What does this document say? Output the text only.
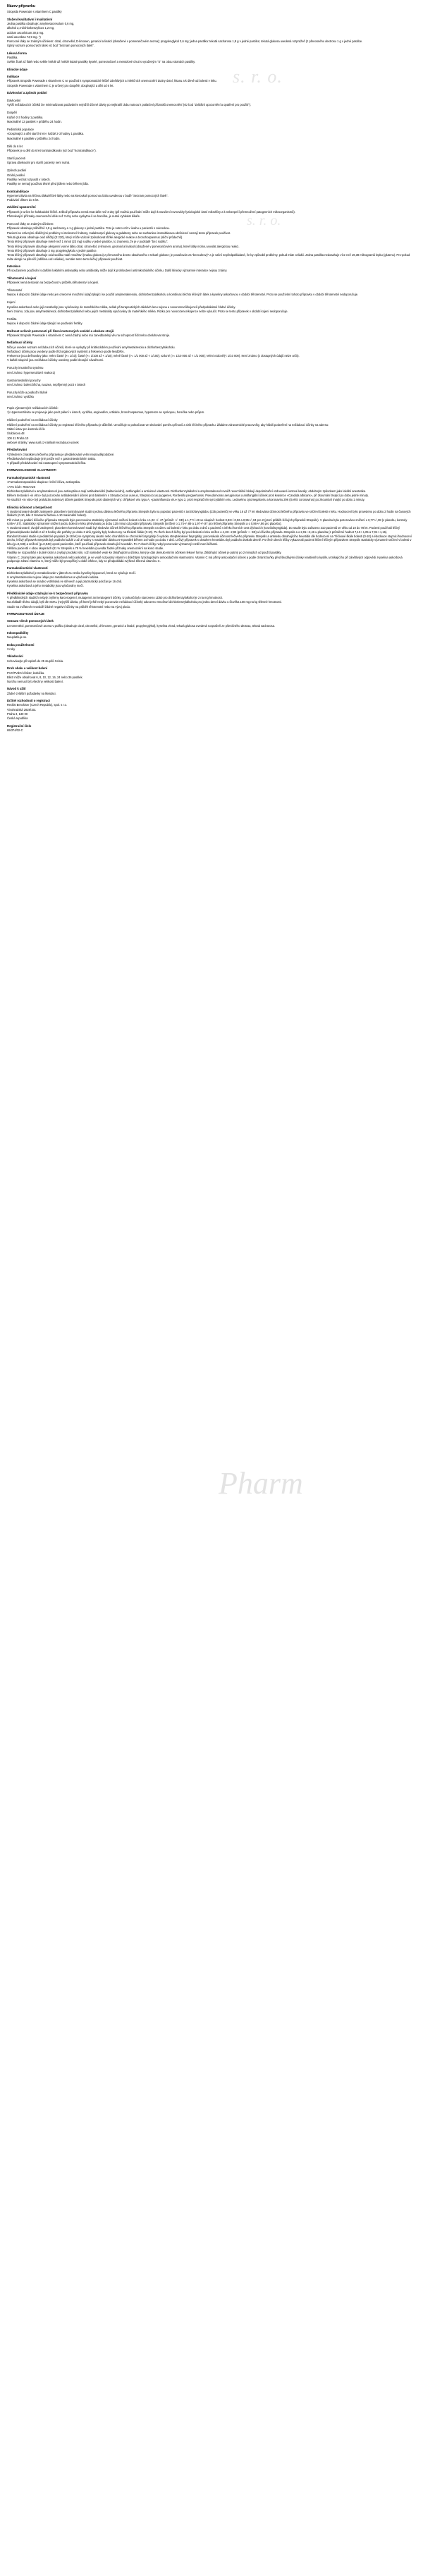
s. r. o.
s. r. o.
Pharm
Název přípravku

Stropsila Powerade s vitamínem C pastilky

Složení kvalitativní i kvalitativní

Jedna pastilka obsahuje: amylmetacresolum 0,6 mg,

alkohol 2,4-dichlorbenzylicus 1,2 mg,

acidum ascorbicum 30,5 mg.

natrii ascorbas 74,9 mg. *)

Pomocné látky se známým účinkem: citral, citronellol, D-limonen, geraniol a linalol (obsažené v pomerančovém aroma); propylenglykol 3,6 mg; jedna pastilka: tekutá sacharosa 1,8 g v jedné pastilce; tekutá glukosa uvedená rozpražeň (z přenosného dextrosu 1 g v jedné pastilce.

Úplný seznam pomocných látek viz bod "Seznam pomocných látek".

Léková forma

Pastilka.

Světle žluté až fialé nebo světle hnědé až hnědé kulaté pastilky kyselé, pomerančové a mentolové chuti s vyraženým "S" na obou stranách pastilky.

Klinické údaje
Indikace

Přípravek Stropsils Powerade s vitamínem C se používá k symptomatické léčbě zánětlivých a infekčních onemocnění dutiny ústní, hltanu a k úlevě od bolesti v krku.

Stropsils Powerade s vitamínem C je určený pro dospělé, dospívající a děti od 6 let.

Dávkování a způsob podání

Dávkování

Vyšší nežádoucích účinků lze minimalizovat podáváním nejnižší účinné dávky po nejkratší dobu nutnou k potlačení příznaků onemocnění (viz bod "Zvláštní upozornění a opatření pro použití").

Dospělí

Každé 2-3 hodiny 1 pastilka.

Maximálně 12 pastilek v průběhu 24 hodin.

Pediatrická populace

«Dospívající a děti starší 6 let»: každé 2-3 hodiny 1 pastilka.

Maximálně 6 pastilek v průběhu 24 hodin.

Děti do 6 let

Přípravek je u dětí do 6 let kontraindikován (viz bod "Kontraindikace").

Starší pacienti

Úprava dávkování pro starší pacienty není nutná.

Způsob podání

Orální podání.

Pastilky nechat rozpustit v ústech.

Pastilky se nemají používat těsně před jídlem nebo během jídla.

Kontraindikace

Hypersenzitivita na léčivou látku/léčivé látky nebo na kteroukoli pomocnou látku uvedenou v bodě "Seznam pomocných látek".

Podávání dětem do 6 let.

Zvláštní upozornění

Přípravek je určen ke krátkodobé léčbě. Jelikož přípravku nemá trvat déle než 3 dny (při možná používání může dojít k narušení rovnováhy fyziologické ústní mikroflóry a k nebezpečí přemnožení patogenních mikroorganismů).

Přetrvávající příznaky onemocnění déle než 3 dny nebo vyskytne-li se horečka, je nutné vyhledat lékaře.

Pomocné látky se známým účinkem:

Přípravek obsahuje průběžně 1,8 g sacharosy a 1 g glukosy v jedné pastilce. Toto je nutno vzít v úvahu u pacientů s cukrovkou.

Pacienti se vzácnými dědičnými problémy s intolerancí fruktosy, malabsorpcí glukosy a galaktosy nebo se sacharáso-izomaltásovou deficiencí nemají tento přípravek používat.

Tekutá glukosa obsahuje oxid siřičitý (E 220), který může vzácně způsobovat těžké alergické reakce a bronchospasmus (sliční průduchů).

Tento léčivý přípravek obsahuje méně než 1 mmol (23 mg) sodíku v jedné pastilce, to znamená, že je v podstatě "bez sodíku".

Tento léčivý přípravek obsahuje alergenní vonné látky citral, citronellol, d-limonen, geraniol a linalool (obsažené v pomerančovém aroma), které látky mohou vyvolat alergickou reakci.

Tento léčivý přípravek obsahuje 3 mg propylenglykolu v jedné pastilce.

Tento léčivý přípravek obsahuje oxid sodíku malé množství (malou glukosu) z přenosného dextro obsahového v tekuté glukose; je považován za "bezcukrový" a je vašní nepředpokládané, že by způsobil problémy, pokud máte celiakii. Jedna pastilka nedosahuje více než 19,38 mikrogramů lepku (glutenu). Pro-pokud máte alergii na pšeničí (odlišnou od celiakie), nemáte tento tento léčivý přípravek používat.

Interakce

Při současném používání s dalšími lokálními antiseptiky nebo antibiotiky může dojít k prohloubení antimikrobiálního účinku. Další klinicky významné interakce nejsou známy.

Těhotenství a kojení

Přípravek nemá testován na bezpečnost v průběhu těhotenství a kojení.

Těhotenství

Nejsou k dispozici žádné údaje nebo jen omezené množství údajů týkající se použití amylmetakresolu, dichlorbenzylalkoholu a kombinaci těchto léčivých látek a kyseliny askorbovou v období těhotenství. Proto se používání tohoto přípravku v období těhotenství nedoporučuje.

Kojení

Kyselina askorbová nebo její metabolity jsou vylučovány do mateřského mléka, avšak při terapeutických dávkách lenu nejsou u novorozenců/kojenců předpokládané žádné účinky.

Není známo, zda jsou amylmetakresol, dichlorbenzylalkohol nebo jejich metabolity vylučovány do mateřského mléka. Riziko pro novorozence/kojence nelze vyloučit. Proto se tento přípravek v období kojení nedoporučuje.

Fertilita

Nejsou k dispozici žádné údaje týkající se podávání fertility.

Možnost ovlivnit pozornosti při řízení motorových vozidel a obsluze strojů

Přípravek Stropsils Powerade s vitamínem C nemá žádný nebo má zanedbatelný vliv na schopnost řídit nebo obsluhovat stroje.

Nežádoucí účinky

Níže je uveden seznam nežádoucích účinků, které se vyskytly při krátkodobém používání amylmetakresolu a dichlorbenzylalkoholu.

Nežádoucí účinky jsou uvedeny podle tříd orgánových systémů a frekvence podle MedDRA.

Frekvence jsou definovány jako: Velmi časté (>= 1/10); časté (>= 1/100 až < 1/10); méně časté (>= 1/1 000 až < 1/100); vzácné (>= 1/10 000 až < 1/1 000); Velmi vzácné/(< 1/10 000). Není známo (z dostupných údajů nelze určit).

V každé skupině jsou nežádoucí účinky uvedeny podle klesající závažnosti.

Poruchy imunitního systému

není známo: hypersenzitivní reakce1)

Gastrointestinální poruchy

není známo: bolest břicha, nauzea, nepříjemný pocit v ústech

Poruchy kůže a podkožní tkáně

není známo: vyrážka

Popis významných nežádoucích účinků:

1) Hypersenzitivita se projevuje jako pocit pálení v ústech, vyrážka, angioedém, urtikárie, bronchospasmus, hypotenze se synkopou, horečka nebo průjem.

Hlášení podezření na nežádoucí účinky

Hlášení podezření na nežádoucí účinky po registraci léčivého přípravku je důležité. Umožňuje to pokračovat ve sledování poměru přínosů a rizik léčivého přípravku. Žádáme zdravotnické pracovníky, aby hlásili podezření na nežádoucí účinky na adresu:

Státní ústav pro kontrolu léčiv

Šrobárova 48

100 41 Praha 10

webové stránky: www.sukl.cz-nahlasit-nezadouci-ucinek

Předávkování

Vzhledem k charakteru léčivého přípravku je předávkování velmi nepravděpodobné.

Předávkování nepůsobuje jiné potíže než v gastrointestinálním traktu.

V případě předávkování má nastoupení symptomatická léčba.

FARMAKOLOGICKÉ VLASTNOSTI
Farmakodynamické vlastnosti

«Farmakoterapeutická skupina»: krční léčiva, antiseptika.

«ATC kód»: R02AA20

Dichlorbenzylalkohol a amylmetakresol jsou antiseptika a mají antibakteriální (bakteriocidní), antifungální a antivirové vlastnosti. Dichlorbenzylalkohol a amylmetakresol rovněž reverzibilně blokují depolarizační vzdouvané iontové kanály; obdobným způsobem jako lokální anestetika.

Během testování «in vitro» byl pozorován antibakteriální účinek proti bakteriím s Streptococcus aureus, Streptococcus pyogenes, Rordesilla pergaertussis. Pseudomonas aeruginosas a antifungální účinek proti kvasince «Candida albicans», při zkoumání trvající po dobu jedné minuty.

Ve studiích «in vitro» byl prokázán antivirový účinek pastilek Strepsils proti obalených viry: chřipkové viru typu A, «parainfluenza viru» typu 2, proti respiračním syncytiálním viru. Ledovému cytomegaloviru a koronaviru 296 (SARS coronavirus) po zkoumání trvající po dobu 1 minuty.

Klinická účinnost a bezpečnost

V randomizované dvojitě zaslepené, placebem kontrolované studii s jednou dávkou léčivého přípravku Strepsils byla na populaci pacientů s tonzilofaryngitidou (235 pacientů) ve věku 16 až 77 let sledována účinnost léčivého přípravku ve snížení bolesti v krku. Hodnocení bylo provedeno po dobu 2 hodin na časových škálách (0-10, kde 0 znamená žádnou a 10 maximální bolest).

Pět minut po podání léčivého přípravku Strepsils bylo pozorováno statisticky významné snížení bolesti v krku o 1,02 +/- 47 (průměr +/- SD) a 1,77+/-49 ve skupině: hodnot 0,93+/-0,02 a 0,95+/-,04 pro 2 (první průběh léčivých přípravků Strepsils). V placebu byla pozorováno snížení o 0,77+/-,08 (v placebu, kontroly 6,85+/-,57). Statisticky významné snížení pocitu bolesti v krku přetrvávalo po dobu 120 minut od podání přípravku Strepsils (snížení o 1,74+/-,89 a 1,97+/-,97 pro léčivé přípravky Strepsils a o 0,86+/-,86 pro placebo).

V randomizované, dvojitě zaslepené, placebem kontrolované studii byl sledován účinek léčivého přípravku Strepsils na úlevu od bolesti v krku po dobu 3 dnů u pacientů s infekci horních cest dýchacích (tonzilofaryngitida). Do studie bylo zařazeno 310 pacientů ve věku od 18 do 78 let. Pacienti používali léčivý přípravek/placebo každé 2 až 3 hodiny dle potřeby po dobu 3 dnů, typicky byly hodnoceny na třinácté škále (0-10). Po třech dnech léčby byl pocit bolesti v krku snížen o 4,19+-2,92 (průměr +- SD) u léčivého přípravku Strepsils a o 2,91+-2,46 u placeba (z průměrné hodnot 7,13+-1,05 a 7,04+-1,16).

Randomizovaná studie s pediatrické populací (6-18 let) se symptomy akutní nebo chorobilizi se chronické faryngitidy či vysloku streptokokové faryngitidy; porovnávala účinnost léčivého přípravku Strepsils a antisedu obsahujícího hexetidin dle hodnocení na ''léčivové škále bolesti (0-10) a ébodouov stupnici hodnocení dechu, léčivý přípravek Strepsils byl podáván každé 2 až 3 hodiny s maximální dávkou 6-8 pastilek během 24 hodin po dobu 7 dnů. Léčivý přípravek s obsahem hexetidinu byl podáván dvakrát denně. Po třech dnech léčby vykazovali pacienti léčení léčivým přípravkem Strepsils statisticky významné snížení v bolesti v krku (p=0,048) a snížení (p=0,043) oproti pacientům, kteří používali přípravek obsahující hexetidin. Po 7 dnech léčby nebyl pozorován významný rozdíl mezi léčbami.

Většina pacientů v obou skupinách (81 % Strepsils a 75 % hexetidinu) uvedla žádné příznaky onemocnění na konci studie.

Pastilky se rozpouštějí v dutině ústní a zvyšují produkci slin, což následně vede ke zklidňujícímu účinku, který je dán demulcentním účinkem lékové formy. Zklidňující účinek je patrný po 2 minutách od použití pastilky.

Vitamin C, známý také jako kyselina askorbová nebo askorbát, je ve vodě rozpustný vitamín s důležitými fyziologickými antioxidačními vlastnostmi. Vitamin C má přímý antioxidační účinek a podle chránit buňky před škodlivými účinky reaktivního kyslíku vznikajícího při zánětlivých odpovědi. Kyselina askorbová podporuje zdraví vitamínu C, který může být prospěšný v době infekce, kdy se předpokládá zvýšená tělesná vitamínu C.

Farmakokinetické vlastnosti

Dichlorbenzylalkohol je metabolizován v játrech za vzniku kyseliny hippurové, která se vylučuje močí.

U amylmetakresolu nejsou údaje pro metabolismus a vylučování udána.

Kyselina askorbová se snadno vstřebává ve střevech a její plazmatický poločas je 16 dnů.

Kyselina askorbová a jeho metabolity jsou vylučovány močí.

Předklinické údaje vztahující se k bezpečnosti přípravku

V předklinických studiích nebyly zvýšeny karcerogenní, mutagenní ani teratogenní účinky. U pokusů bylo stanoveno LD50 pro dichlorbenzylalkohol je 2 na mg hmotnosti.

Na základě těchto údajů, byli dle SOKL (nejvyšší dávka, při které ještě nebyl pozorován nežádoucí účinek) odvozeno množství dichlorbenzylalkoholu pro jednu denní dávku u člověka 100 mg na kg tělesné hmotnosti.

Studie na zvířatech neuváděl žádné negativní účinky na průběh těhotenství nebo na vývoj plodu.

FARMACEUTICKÉ ÚDAJE
Seznam všech pomocných látek

Levomenthol, pomerančové aroma v prášku (obsahuje citral, citronellol, d-limonen, geraniol a linalol, propylenglykol), kyselina vinná, tekutá glukosa uvedená rozpražeň ze pšeničného dextrau, tekutá sacharosa.

Inkompatibility

Neuplatňuje se.

Doba použitelnosti

3 roky

Skladování

Uchovávejte při teplotě do 25 stupňů Celsia.

Druh obalu a velikost balení

PVC/PVdC/Al blistr, krabička.

Blistr může obsahovat 6, 8, 10, 12, 16, 24 nebo 36 pastilek.

Na trhu nemusí být všechny velikosti balení.

Návod k užití

Žádné zvláštní požadavky na likvidaci.

Držitel rozhodnutí o registraci

Reckitt Benckiser (Czech Republic), spol. s r.o.

Vinohradská 2828/151

Praha 3, 130 00

Česká republika

Registrační číslo

69/374/02-C
